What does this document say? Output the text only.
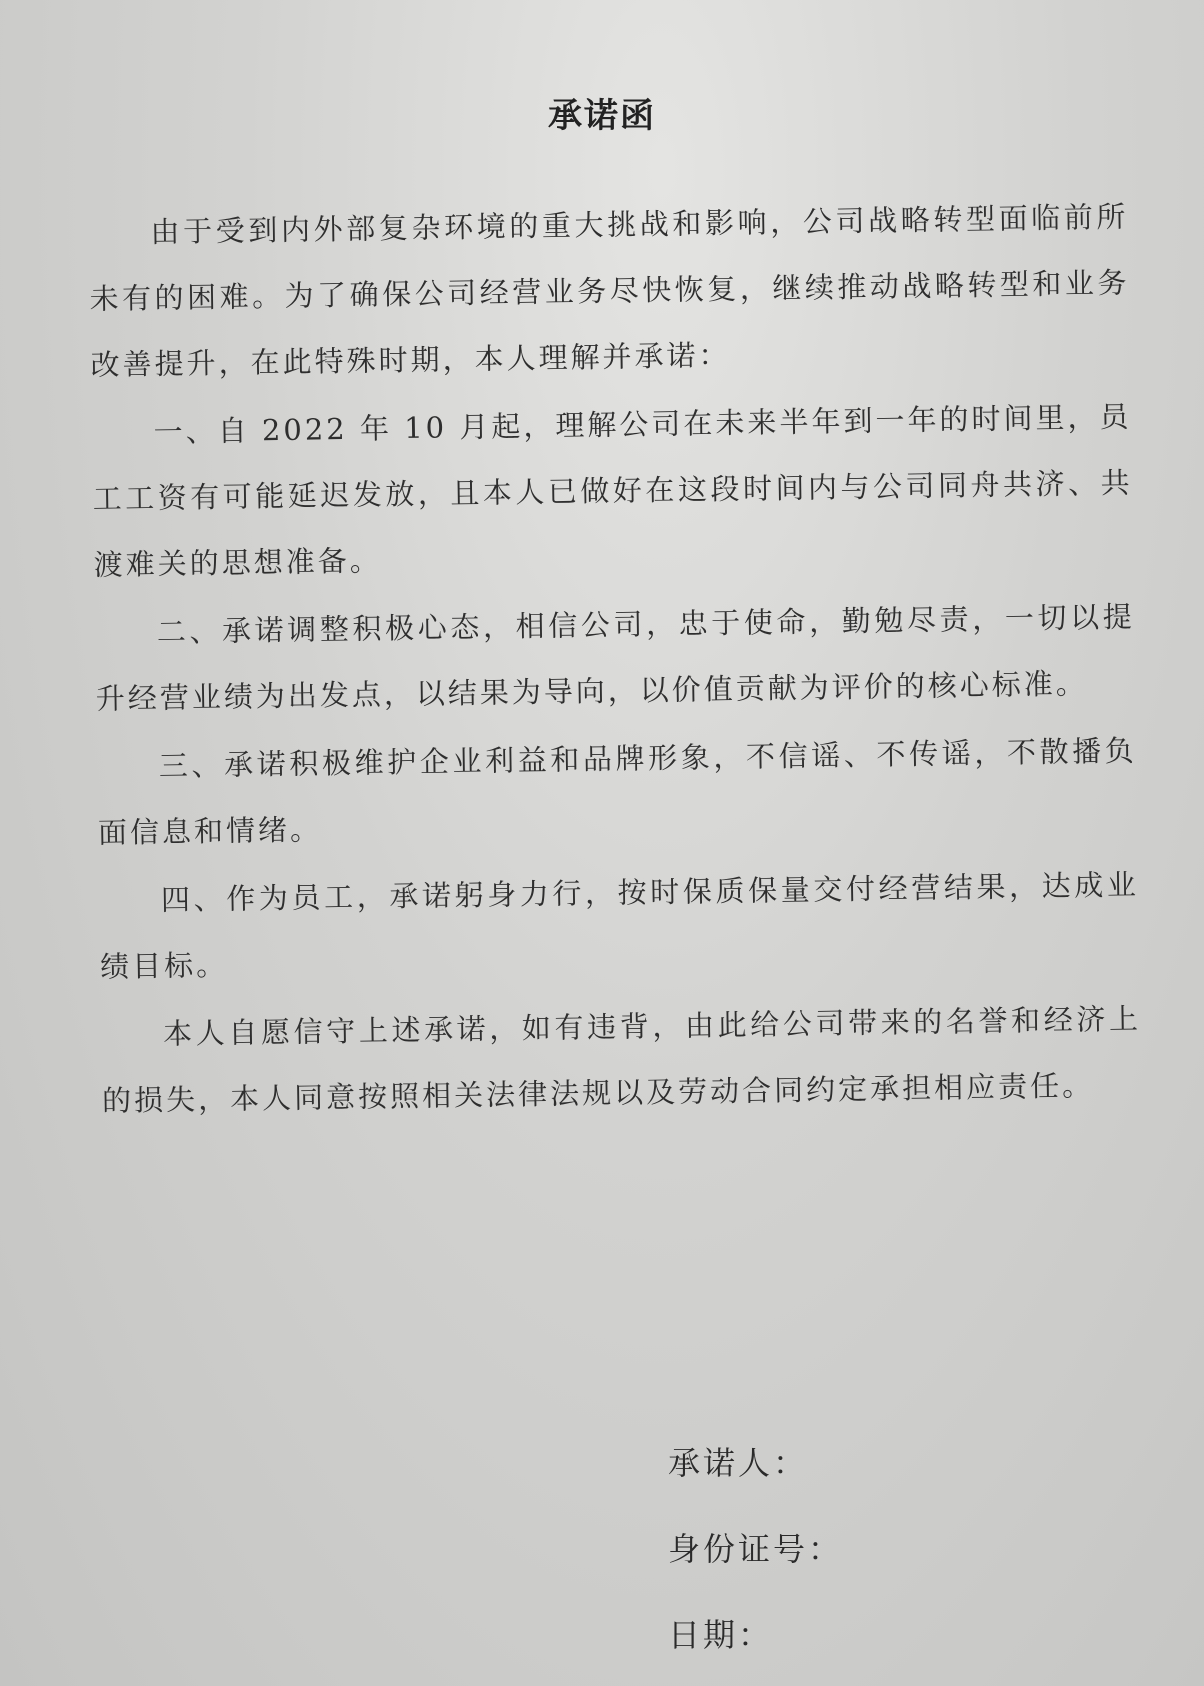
承诺函

由于受到内外部复杂环境的重大挑战和影响，公司战略转型面临前所未有的困难。为了确保公司经营业务尽快恢复，继续推动战略转型和业务改善提升，在此特殊时期，本人理解并承诺：

一、自 2022 年 10 月起，理解公司在未来半年到一年的时间里，员工工资有可能延迟发放，且本人已做好在这段时间内与公司同舟共济、共渡难关的思想准备。

二、承诺调整积极心态，相信公司，忠于使命，勤勉尽责，一切以提升经营业绩为出发点，以结果为导向，以价值贡献为评价的核心标准。

三、承诺积极维护企业利益和品牌形象，不信谣、不传谣，不散播负面信息和情绪。

四、作为员工，承诺躬身力行，按时保质保量交付经营结果，达成业绩目标。

本人自愿信守上述承诺，如有违背，由此给公司带来的名誉和经济上的损失，本人同意按照相关法律法规以及劳动合同约定承担相应责任。

承诺人：
身份证号：
日期：
